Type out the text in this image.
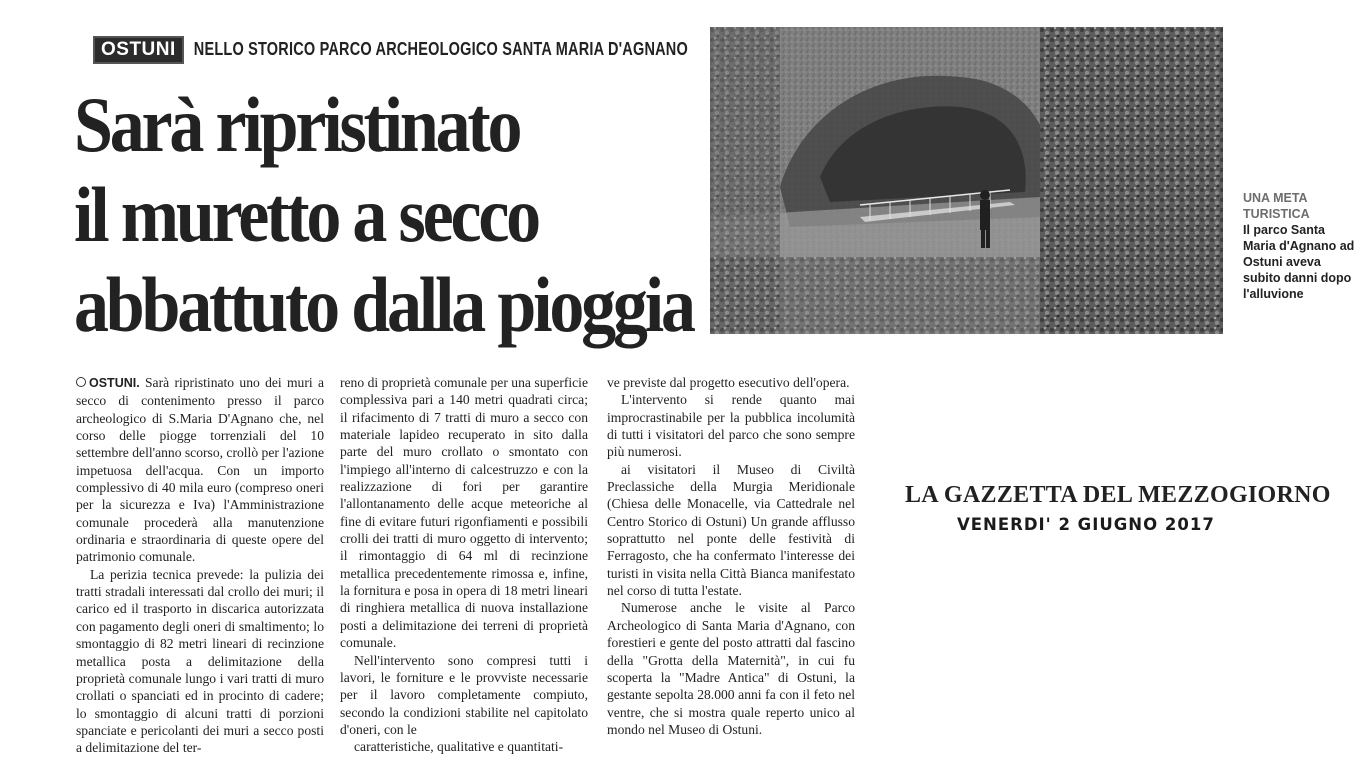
OSTUNI	NELLO STORICO PARCO ARCHEOLOGICO SANTA MARIA D'AGNANO
Sarà ripristinato
il muretto a secco
abbattuto dalla pioggia
UNA META
TURISTICA
Il parco Santa Maria d'Agnano ad Ostuni aveva subito danni dopo l'alluvione

OSTUNI. Sarà ripristinato uno dei muri a secco di contenimento presso il parco archeologico di S.Maria D'Agnano che, nel corso delle piogge torrenziali del 10 settembre dell'anno scorso, crollò per l'azione impetuosa dell'acqua. Con un importo complessivo di 40 mila euro (compreso oneri per la sicurezza e Iva) l'Amministrazione comunale procederà alla manutenzione ordinaria e straordinaria di queste opere del patrimonio comunale.

La perizia tecnica prevede: la pulizia dei tratti stradali interessati dal crollo dei muri; il carico ed il trasporto in discarica autorizzata con pagamento degli oneri di smaltimento; lo smontaggio di 82 metri lineari di recinzione metallica posta a delimitazione della proprietà comunale lungo i vari tratti di muro crollati o spanciati ed in procinto di cadere; lo smontaggio di alcuni tratti di porzioni spanciate e pericolanti dei muri a secco posti a delimitazione del ter-

reno di proprietà comunale per una superficie complessiva pari a 140 metri quadrati circa; il rifacimento di 7 tratti di muro a secco con materiale lapideo recuperato in sito dalla parte del muro crollato o smontato con l'impiego all'interno di calcestruzzo e con la realizzazione di fori per garantire l'allontanamento delle acque meteoriche al fine di evitare futuri rigonfiamenti e possibili crolli dei tratti di muro oggetto di intervento; il rimontaggio di 64 ml di recinzione metallica precedentemente rimossa e, infine, la fornitura e posa in opera di 18 metri lineari di ringhiera metallica di nuova installazione posti a delimitazione dei terreni di proprietà comunale.

Nell'intervento sono compresi tutti i lavori, le forniture e le provviste necessarie per il lavoro completamente compiuto, secondo la condizioni stabilite nel capitolato d'oneri, con le

caratteristiche, qualitative e quantitati-

ve previste dal progetto esecutivo dell'opera.

L'intervento si rende quanto mai improcrastinabile per la pubblica incolumità di tutti i visitatori del parco che sono sempre più numerosi.

ai visitatori il Museo di Civiltà Preclassiche della Murgia Meridionale (Chiesa delle Monacelle, via Cattedrale nel Centro Storico di Ostuni) Un grande afflusso soprattutto nel ponte delle festività di Ferragosto, che ha confermato l'interesse dei turisti in visita nella Città Bianca manifestato nel corso di tutta l'estate.

Numerose anche le visite al Parco Archeologico di Santa Maria d'Agnano, con forestieri e gente del posto attratti dal fascino della "Grotta della Maternità", in cui fu scoperta la "Madre Antica" di Ostuni, la gestante sepolta 28.000 anni fa con il feto nel ventre, che si mostra quale reperto unico al mondo nel Museo di Ostuni.

LA GAZZETTA DEL MEZZOGIORNO
VENERDI' 2 GIUGNO 2017
